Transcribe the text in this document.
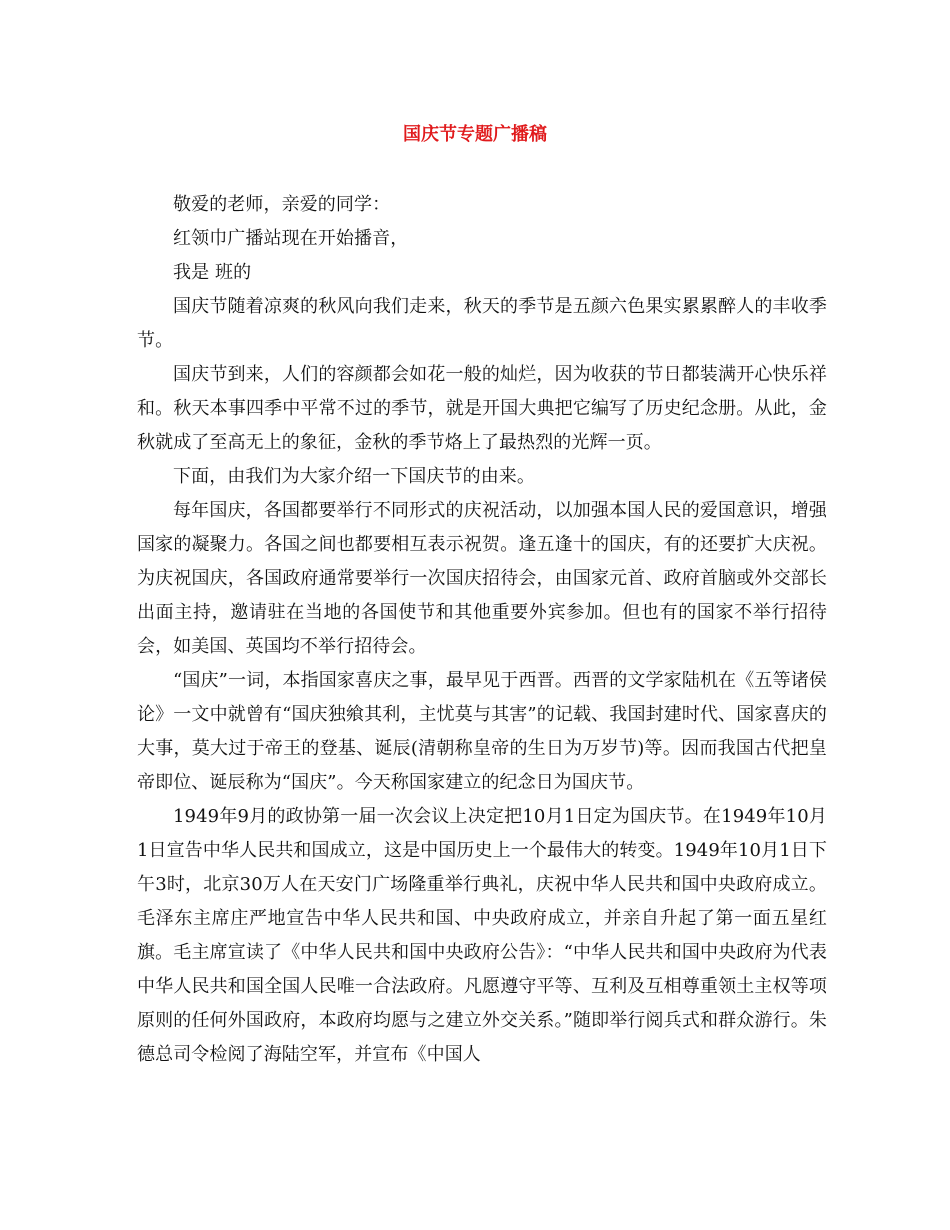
国庆节专题广播稿

敬爱的老师，亲爱的同学：

红领巾广播站现在开始播音，

我是 班的

国庆节随着凉爽的秋风向我们走来，秋天的季节是五颜六色果实累累醉人的丰收季节。

国庆节到来，人们的容颜都会如花一般的灿烂，因为收获的节日都装满开心快乐祥和。秋天本事四季中平常不过的季节，就是开国大典把它编写了历史纪念册。从此，金秋就成了至高无上的象征，金秋的季节烙上了最热烈的光辉一页。

下面，由我们为大家介绍一下国庆节的由来。

每年国庆，各国都要举行不同形式的庆祝活动，以加强本国人民的爱国意识，增强国家的凝聚力。各国之间也都要相互表示祝贺。逢五逢十的国庆，有的还要扩大庆祝。为庆祝国庆，各国政府通常要举行一次国庆招待会，由国家元首、政府首脑或外交部长出面主持，邀请驻在当地的各国使节和其他重要外宾参加。但也有的国家不举行招待会，如美国、英国均不举行招待会。

“国庆”一词，本指国家喜庆之事，最早见于西晋。西晋的文学家陆机在《五等诸侯论》一文中就曾有“国庆独飨其利，主忧莫与其害”的记载、我国封建时代、国家喜庆的大事，莫大过于帝王的登基、诞辰(清朝称皇帝的生日为万岁节)等。因而我国古代把皇帝即位、诞辰称为“国庆”。今天称国家建立的纪念日为国庆节。

1949年9月的政协第一届一次会议上决定把10月1日定为国庆节。在1949年10月1日宣告中华人民共和国成立，这是中国历史上一个最伟大的转变。1949年10月1日下午3时，北京30万人在天安门广场隆重举行典礼，庆祝中华人民共和国中央政府成立。毛泽东主席庄严地宣告中华人民共和国、中央政府成立，并亲自升起了第一面五星红旗。毛主席宣读了《中华人民共和国中央政府公告》：“中华人民共和国中央政府为代表中华人民共和国全国人民唯一合法政府。凡愿遵守平等、互利及互相尊重领土主权等项原则的任何外国政府，本政府均愿与之建立外交关系。”随即举行阅兵式和群众游行。朱德总司令检阅了海陆空军，并宣布《中国人
